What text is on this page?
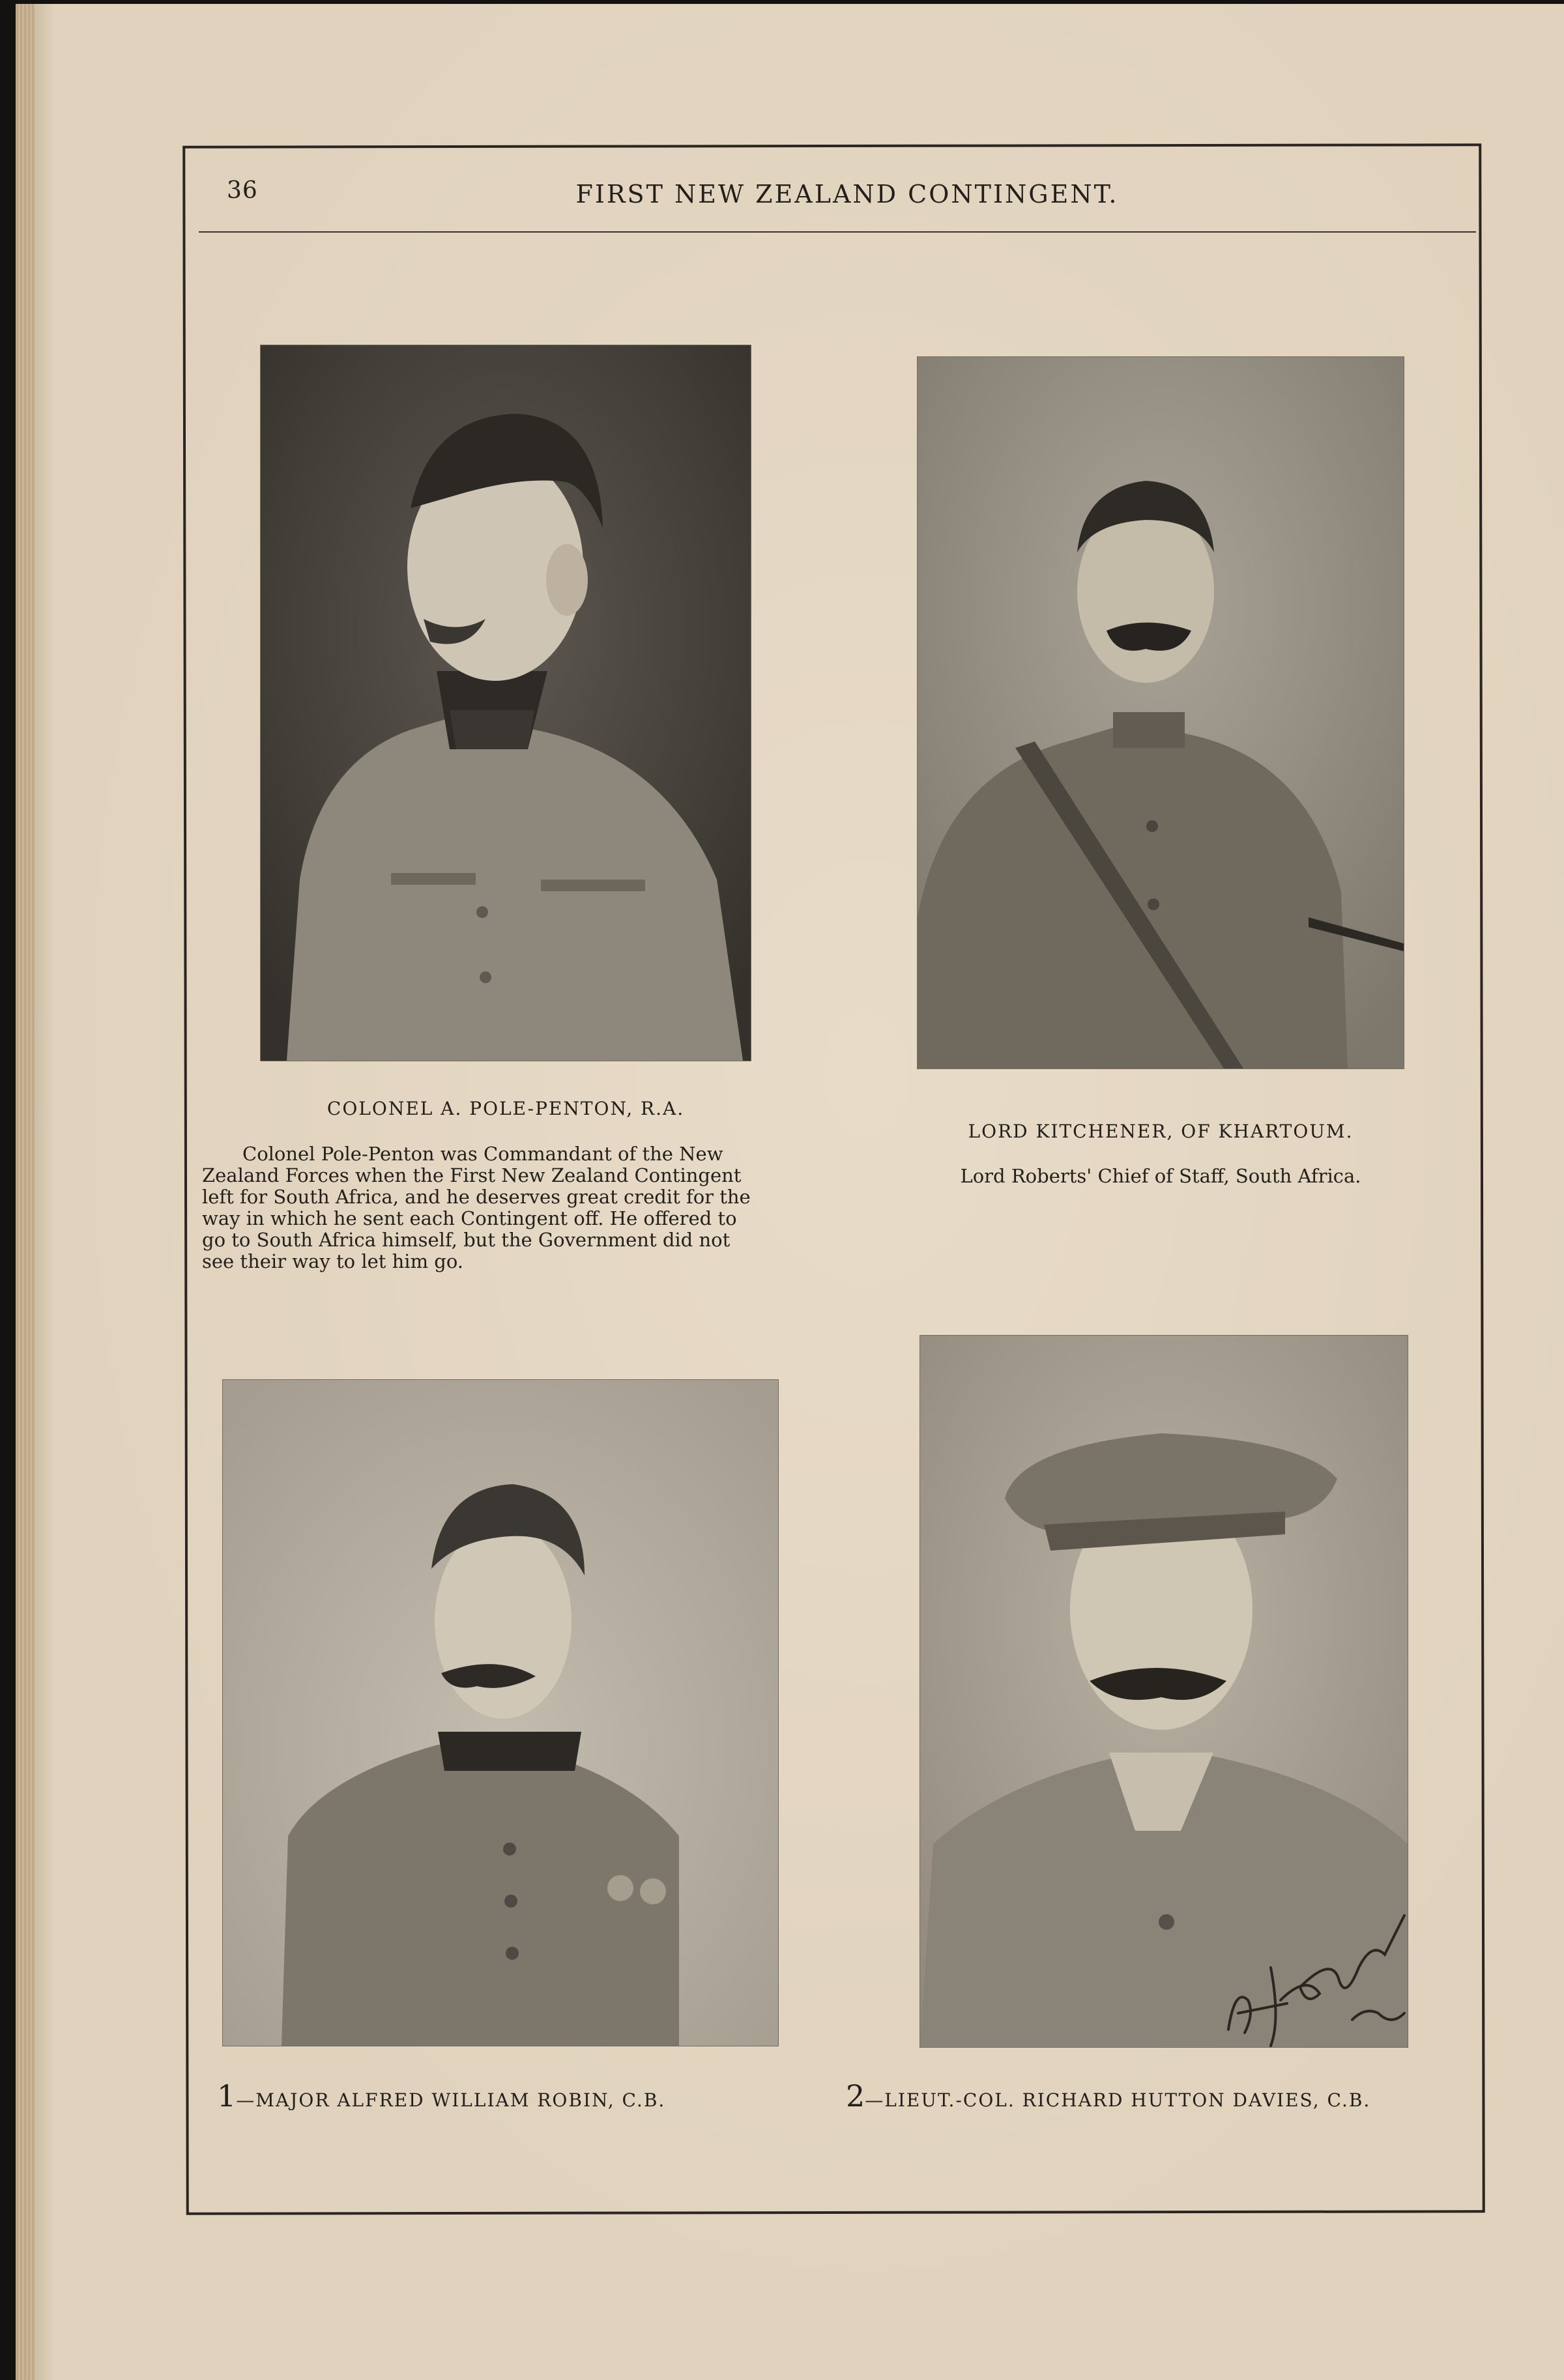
36	FIRST NEW ZEALAND CONTINGENT.
COLONEL A. POLE-PENTON, R.A.
Colonel Pole-Penton was Commandant of the New
Zealand Forces when the First New Zealand Contingent
left for South Africa, and he deserves great credit for the
way in which he sent each Contingent off. He offered to
go to South Africa himself, but the Government did not
see their way to let him go.
LORD KITCHENER, OF KHARTOUM.
Lord Roberts' Chief of Staff, South Africa.
1—MAJOR ALFRED WILLIAM ROBIN, C.B.	2—LIEUT.-COL. RICHARD HUTTON DAVIES, C.B.
